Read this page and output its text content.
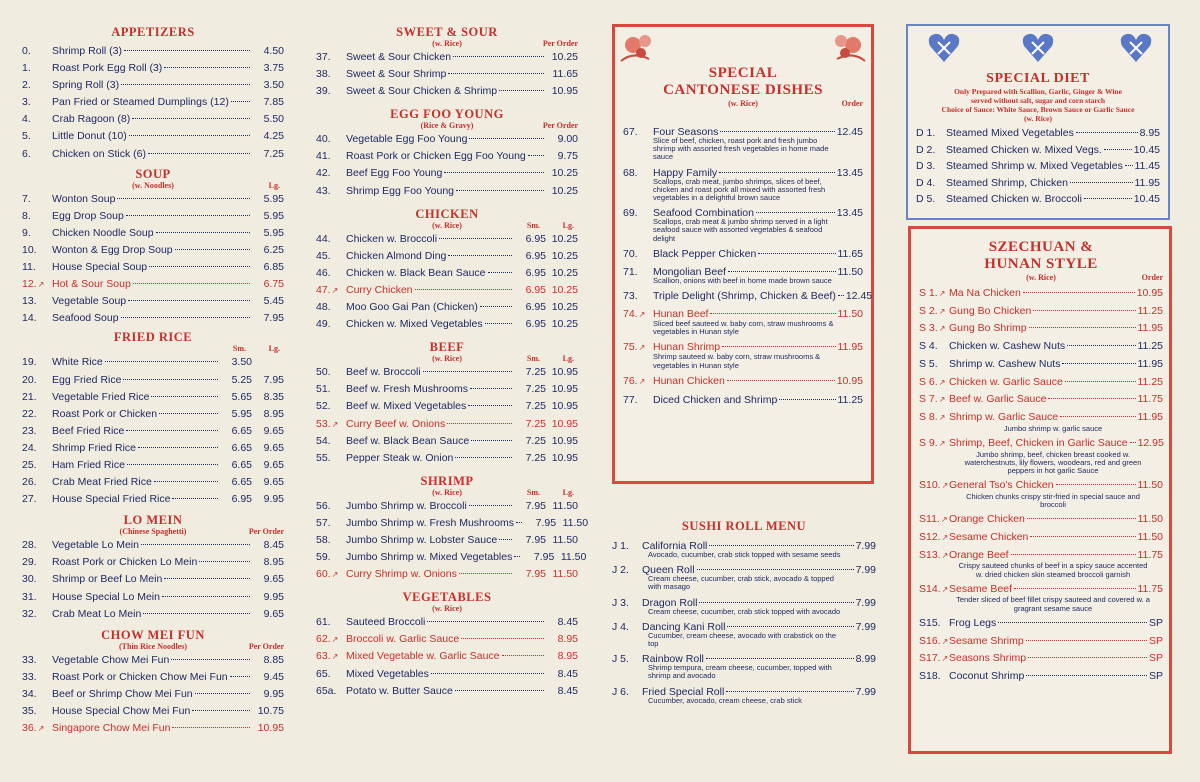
APPETIZERS
0.	Shrimp Roll (3)	4.50
1.	Roast Pork Egg Roll (3)	3.75
2.	Spring Roll (3)	3.50
3.	Pan Fried or Steamed Dumplings (12)	7.85
4.	Crab Ragoon (8)	5.50
5.	Little Donut (10)	4.25
6.	Chicken on Stick (6)	7.25
SOUP
(w. Noodles)	Lg.
7.	Wonton Soup	5.95
8.	Egg Drop Soup	5.95
9.	Chicken Noodle Soup	5.95
10.	Wonton & Egg Drop Soup	6.25
11.	House Special Soup	6.85
12.↗ Hot & Sour Soup	6.75
13.	Vegetable Soup	5.45
14.	Seafood Soup	7.95
FRIED RICE
Sm.	Lg.
19.	White Rice	3.50
20.	Egg Fried Rice	5.25	7.95
21.	Vegetable Fried Rice	5.65	8.35
22.	Roast Pork or Chicken	5.95	8.95
23.	Beef Fried Rice	6.65	9.65
24.	Shrimp Fried Rice	6.65	9.65
25.	Ham Fried Rice	6.65	9.65
26.	Crab Meat Fried Rice	6.65	9.65
27.	House Special Fried Rice	6.95	9.95
LO MEIN
(Chinese Spaghetti)	Per Order
28.	Vegetable Lo Mein	8.45
29.	Roast Pork or Chicken Lo Mein	8.95
30.	Shrimp or Beef Lo Mein	9.65
31.	House Special Lo Mein	9.95
32.	Crab Meat Lo Mein	9.65
CHOW MEI FUN
(Thin Rice Noodles)	Per Order
33.	Vegetable Chow Mei Fun	8.85
33.	Roast Pork or Chicken Chow Mei Fun	9.45
34.	Beef or Shrimp Chow Mei Fun	9.95
35.	House Special Chow Mei Fun	10.75
36.↗ Singapore Chow Mei Fun	10.95
SWEET & SOUR
(w. Rice)	Per Order
37.	Sweet & Sour Chicken	10.25
38.	Sweet & Sour Shrimp	11.65
39.	Sweet & Sour Chicken & Shrimp	10.95
EGG FOO YOUNG
(Rice & Gravy)	Per Order
40.	Vegetable Egg Foo Young	9.00
41.	Roast Pork or Chicken Egg Foo Young	9.75
42.	Beef Egg Foo Young	10.25
43.	Shrimp Egg Foo Young	10.25
CHICKEN
(w. Rice)	Sm.	Lg.
44.	Chicken w. Broccoli	6.95 10.25
45.	Chicken Almond Ding	6.95 10.25
46.	Chicken w. Black Bean Sauce	6.95 10.25
47.↗ Curry Chicken	6.95 10.25
48.	Moo Goo Gai Pan (Chicken)	6.95 10.25
49.	Chicken w. Mixed Vegetables	6.95 10.25
BEEF
(w. Rice)	Sm.	Lg.
50.	Beef w. Broccoli	7.25 10.95
51.	Beef w. Fresh Mushrooms	7.25 10.95
52.	Beef w. Mixed Vegetables	7.25 10.95
53.↗ Curry Beef w. Onions	7.25 10.95
54.	Beef w. Black Bean Sauce	7.25 10.95
55.	Pepper Steak w. Onion	7.25 10.95
SHRIMP
(w. Rice)	Sm.	Lg.
56.	Jumbo Shrimp w. Broccoli	7.95 11.50
57.	Jumbo Shrimp w. Fresh Mushrooms	7.95 11.50
58.	Jumbo Shrimp w. Lobster Sauce	7.95 11.50
59.	Jumbo Shrimp w. Mixed Vegetables	7.95 11.50
60.↗ Curry Shrimp w. Onions	7.95 11.50
VEGETABLES
(w. Rice)
61.	Sauteed Broccoli	8.45
62.↗ Broccoli w. Garlic Sauce	8.95
63.↗ Mixed Vegetable w. Garlic Sauce	8.95
65.	Mixed Vegetables	8.45
65a. Potato w. Butter Sauce	8.45
SPECIAL
CANTONESE DISHES
(w. Rice)	Order
67.	Four Seasons	12.45
Slice of beef, chicken, roast pork and fresh jumbo shrimp with assorted fresh vegetables in home made sauce
68.	Happy Family	13.45
Scallops, crab meat, jumbo shrimps, slices of beef, chicken and roast pork all mixed with assorted fresh vegetables in a delightful brown sauce
69.	Seafood Combination	13.45
Scallops, crab meat & jumbo shrimp served in a light seafood sauce with assorted vegetables & seafood delight
70.	Black Pepper Chicken	11.65
71.	Mongolian Beef	11.50
Scallion, onions with beef in home made brown sauce
73.	Triple Delight (Shrimp, Chicken & Beef) 12.45
74.↗ Hunan Beef	11.50
Sliced beef sauteed w. baby corn, straw mushrooms & vegetables in Hunan style
75.↗ Hunan Shrimp	11.95
Shrimp sauteed w. baby corn, straw mushrooms & vegetables in Hunan style
76.↗ Hunan Chicken	10.95
77.	Diced Chicken and Shrimp	11.25
SUSHI ROLL MENU
J 1.	California Roll	7.99
Avocado, cucumber, crab stick topped with sesame seeds
J 2.	Queen Roll	7.99
Cream cheese, cucumber, crab stick, avocado & topped with masago
J 3.	Dragon Roll	7.99
Cream cheese, cucumber, crab stick topped with avocado
J 4.	Dancing Kani Roll	7.99
Cucumber, cream cheese, avocado with crabstick on the top
J 5.	Rainbow Roll	8.99
Shrimp tempura, cream cheese, cucumber, topped with shrimp and avocado
J 6.	Fried Special Roll	7.99
Cucumber, avocado, cream cheese, crab stick
SPECIAL DIET
Only Prepared with Scallion, Garlic, Ginger & Wine
served without salt, sugar and corn starch
Choice of Sauce: White Sauce, Brown Sauce or Garlic Sauce
(w. Rice)
D 1.	Steamed Mixed Vegetables	8.95
D 2.	Steamed Chicken w. Mixed Vegs.	10.45
D 3.	Steamed Shrimp w. Mixed Vegetables 11.45
D 4.	Steamed Shrimp, Chicken	11.95
D 5.	Steamed Chicken w. Broccoli	10.45
SZECHUAN &
HUNAN STYLE
(w. Rice)	Order
S 1.↗ Ma Na Chicken	10.95
S 2.↗ Gung Bo Chicken	11.25
S 3.↗ Gung Bo Shrimp	11.95
S 4.	Chicken w. Cashew Nuts	11.25
S 5.	Shrimp w. Cashew Nuts	11.95
S 6.↗ Chicken w. Garlic Sauce	11.25
S 7.↗ Beef w. Garlic Sauce	11.75
S 8.↗ Shrimp w. Garlic Sauce	11.95
Jumbo shrimp w. garlic sauce
S 9.↗ Shrimp, Beef, Chicken in Garlic Sauce 12.95
Jumbo shrimp, beef, chicken breast cooked w. waterchestnuts, lily flowers, woodears, red and green peppers in hot garlic Sauce
S10.↗ General Tso's Chicken	11.50
Chicken chunks crispy stir-fried in special sauce and broccoli
S11.↗ Orange Chicken	11.50
S12.↗ Sesame Chicken	11.50
S13.↗ Orange Beef	11.75
Crispy sauteed chunks of beef in a spicy sauce accented w. dried chicken skin steamed broccoli garnish
S14.↗ Sesame Beef	11.75
Tender sliced of beef fillet crispy sauteed and covered w. a gragrant sesame sauce
S15. Frog Legs	SP
S16.↗ Sesame Shrimp	SP
S17.↗ Seasons Shrimp	SP
S18. Coconut Shrimp	SP
